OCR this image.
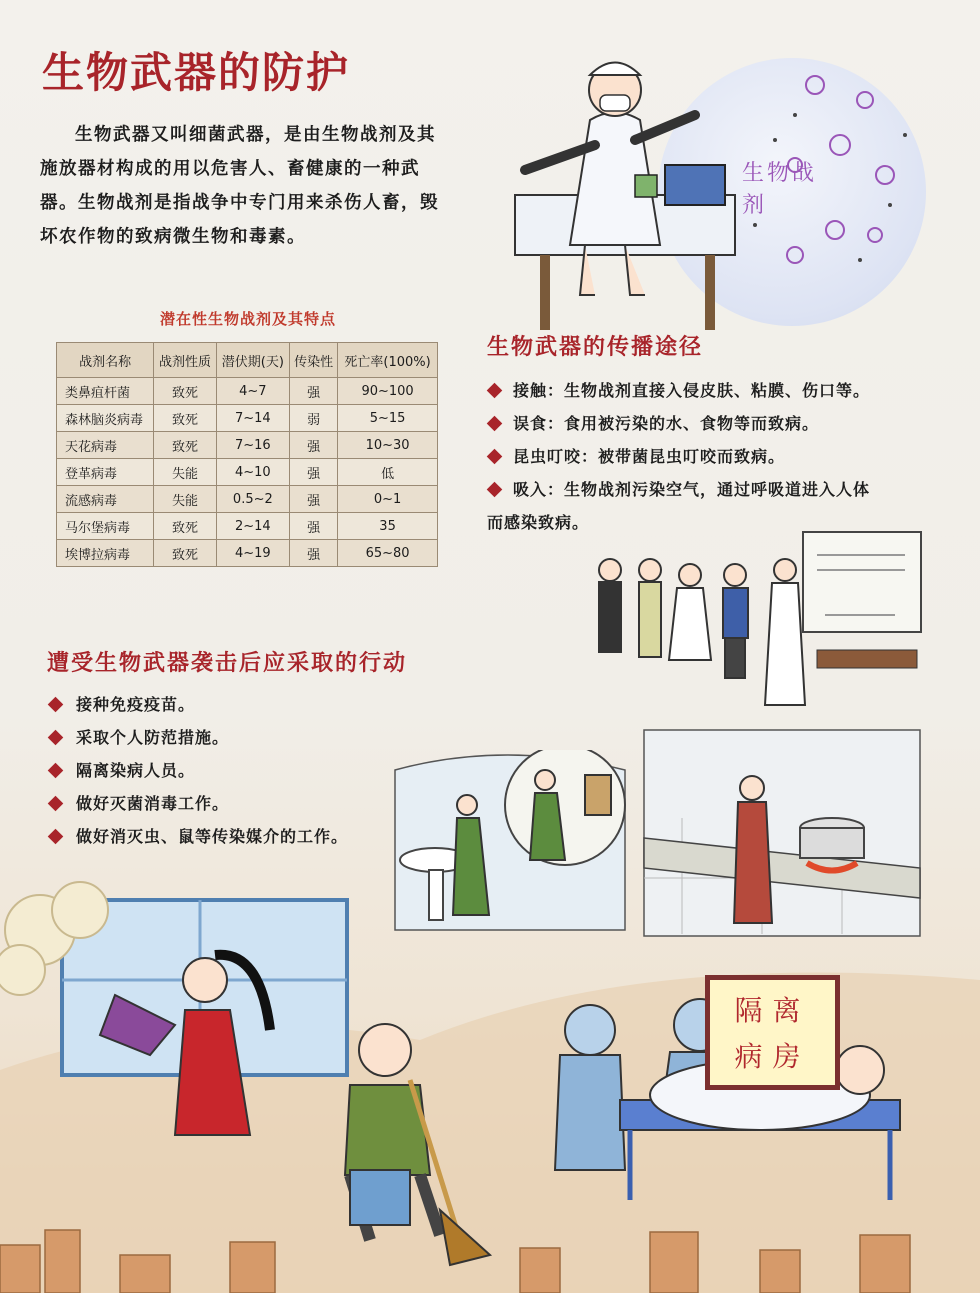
生物武器的防护
生物武器又叫细菌武器，是由生物战剂及其施放器材构成的用以危害人、畜健康的一种武器。生物战剂是指战争中专门用来杀伤人畜，毁坏农作物的致病微生物和毒素。
生物战剂
潜在性生物战剂及其特点
战剂名称	战剂性质	潜伏期(天)	传染性	死亡率(100%)
类鼻疽杆菌	致死	4~7	强	90~100
森林脑炎病毒	致死	7~14	弱	5~15
天花病毒	致死	7~16	强	10~30
登革病毒	失能	4~10	强	低
流感病毒	失能	0.5~2	强	0~1
马尔堡病毒	致死	2~14	强	35
埃博拉病毒	致死	4~19	强	65~80
生物武器的传播途径
接触：生物战剂直接入侵皮肤、粘膜、伤口等。
误食：食用被污染的水、食物等而致病。
昆虫叮咬：被带菌昆虫叮咬而致病。
吸入：生物战剂污染空气，通过呼吸道进入人体
而感染致病。
遭受生物武器袭击后应采取的行动
接种免疫疫苗。
采取个人防范措施。
隔离染病人员。
做好灭菌消毒工作。
做好消灭虫、鼠等传染媒介的工作。
隔离
病房
